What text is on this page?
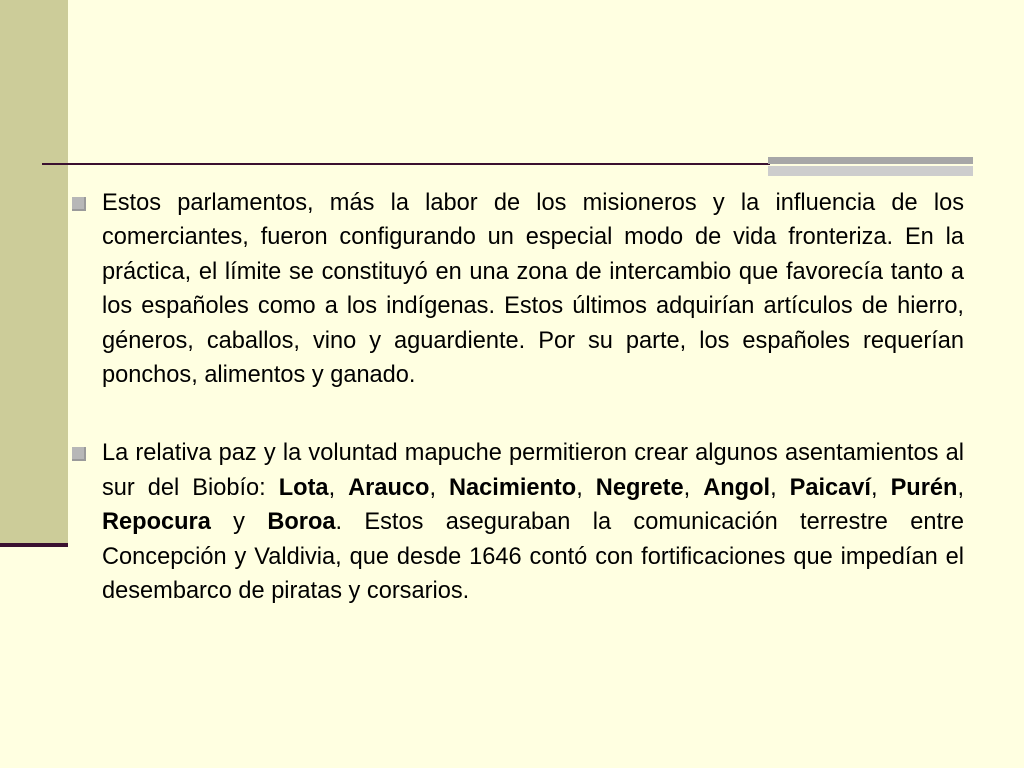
Estos parlamentos, más la labor de los misioneros y la influencia de los comerciantes, fueron configurando un especial modo de vida fronteriza. En la práctica, el límite se constituyó en una zona de intercambio que favorecía tanto a los españoles como a los indígenas. Estos últimos adquirían artículos de hierro, géneros, caballos, vino y aguardiente. Por su parte, los españoles requerían ponchos, alimentos y ganado.

La relativa paz y la voluntad mapuche permitieron crear algunos asentamientos al sur del Biobío: Lota, Arauco, Nacimiento, Negrete, Angol, Paicaví, Purén, Repocura y Boroa. Estos aseguraban la comunicación terrestre entre Concepción y Valdivia, que desde 1646 contó con fortificaciones que impedían el desembarco de piratas y corsarios.
